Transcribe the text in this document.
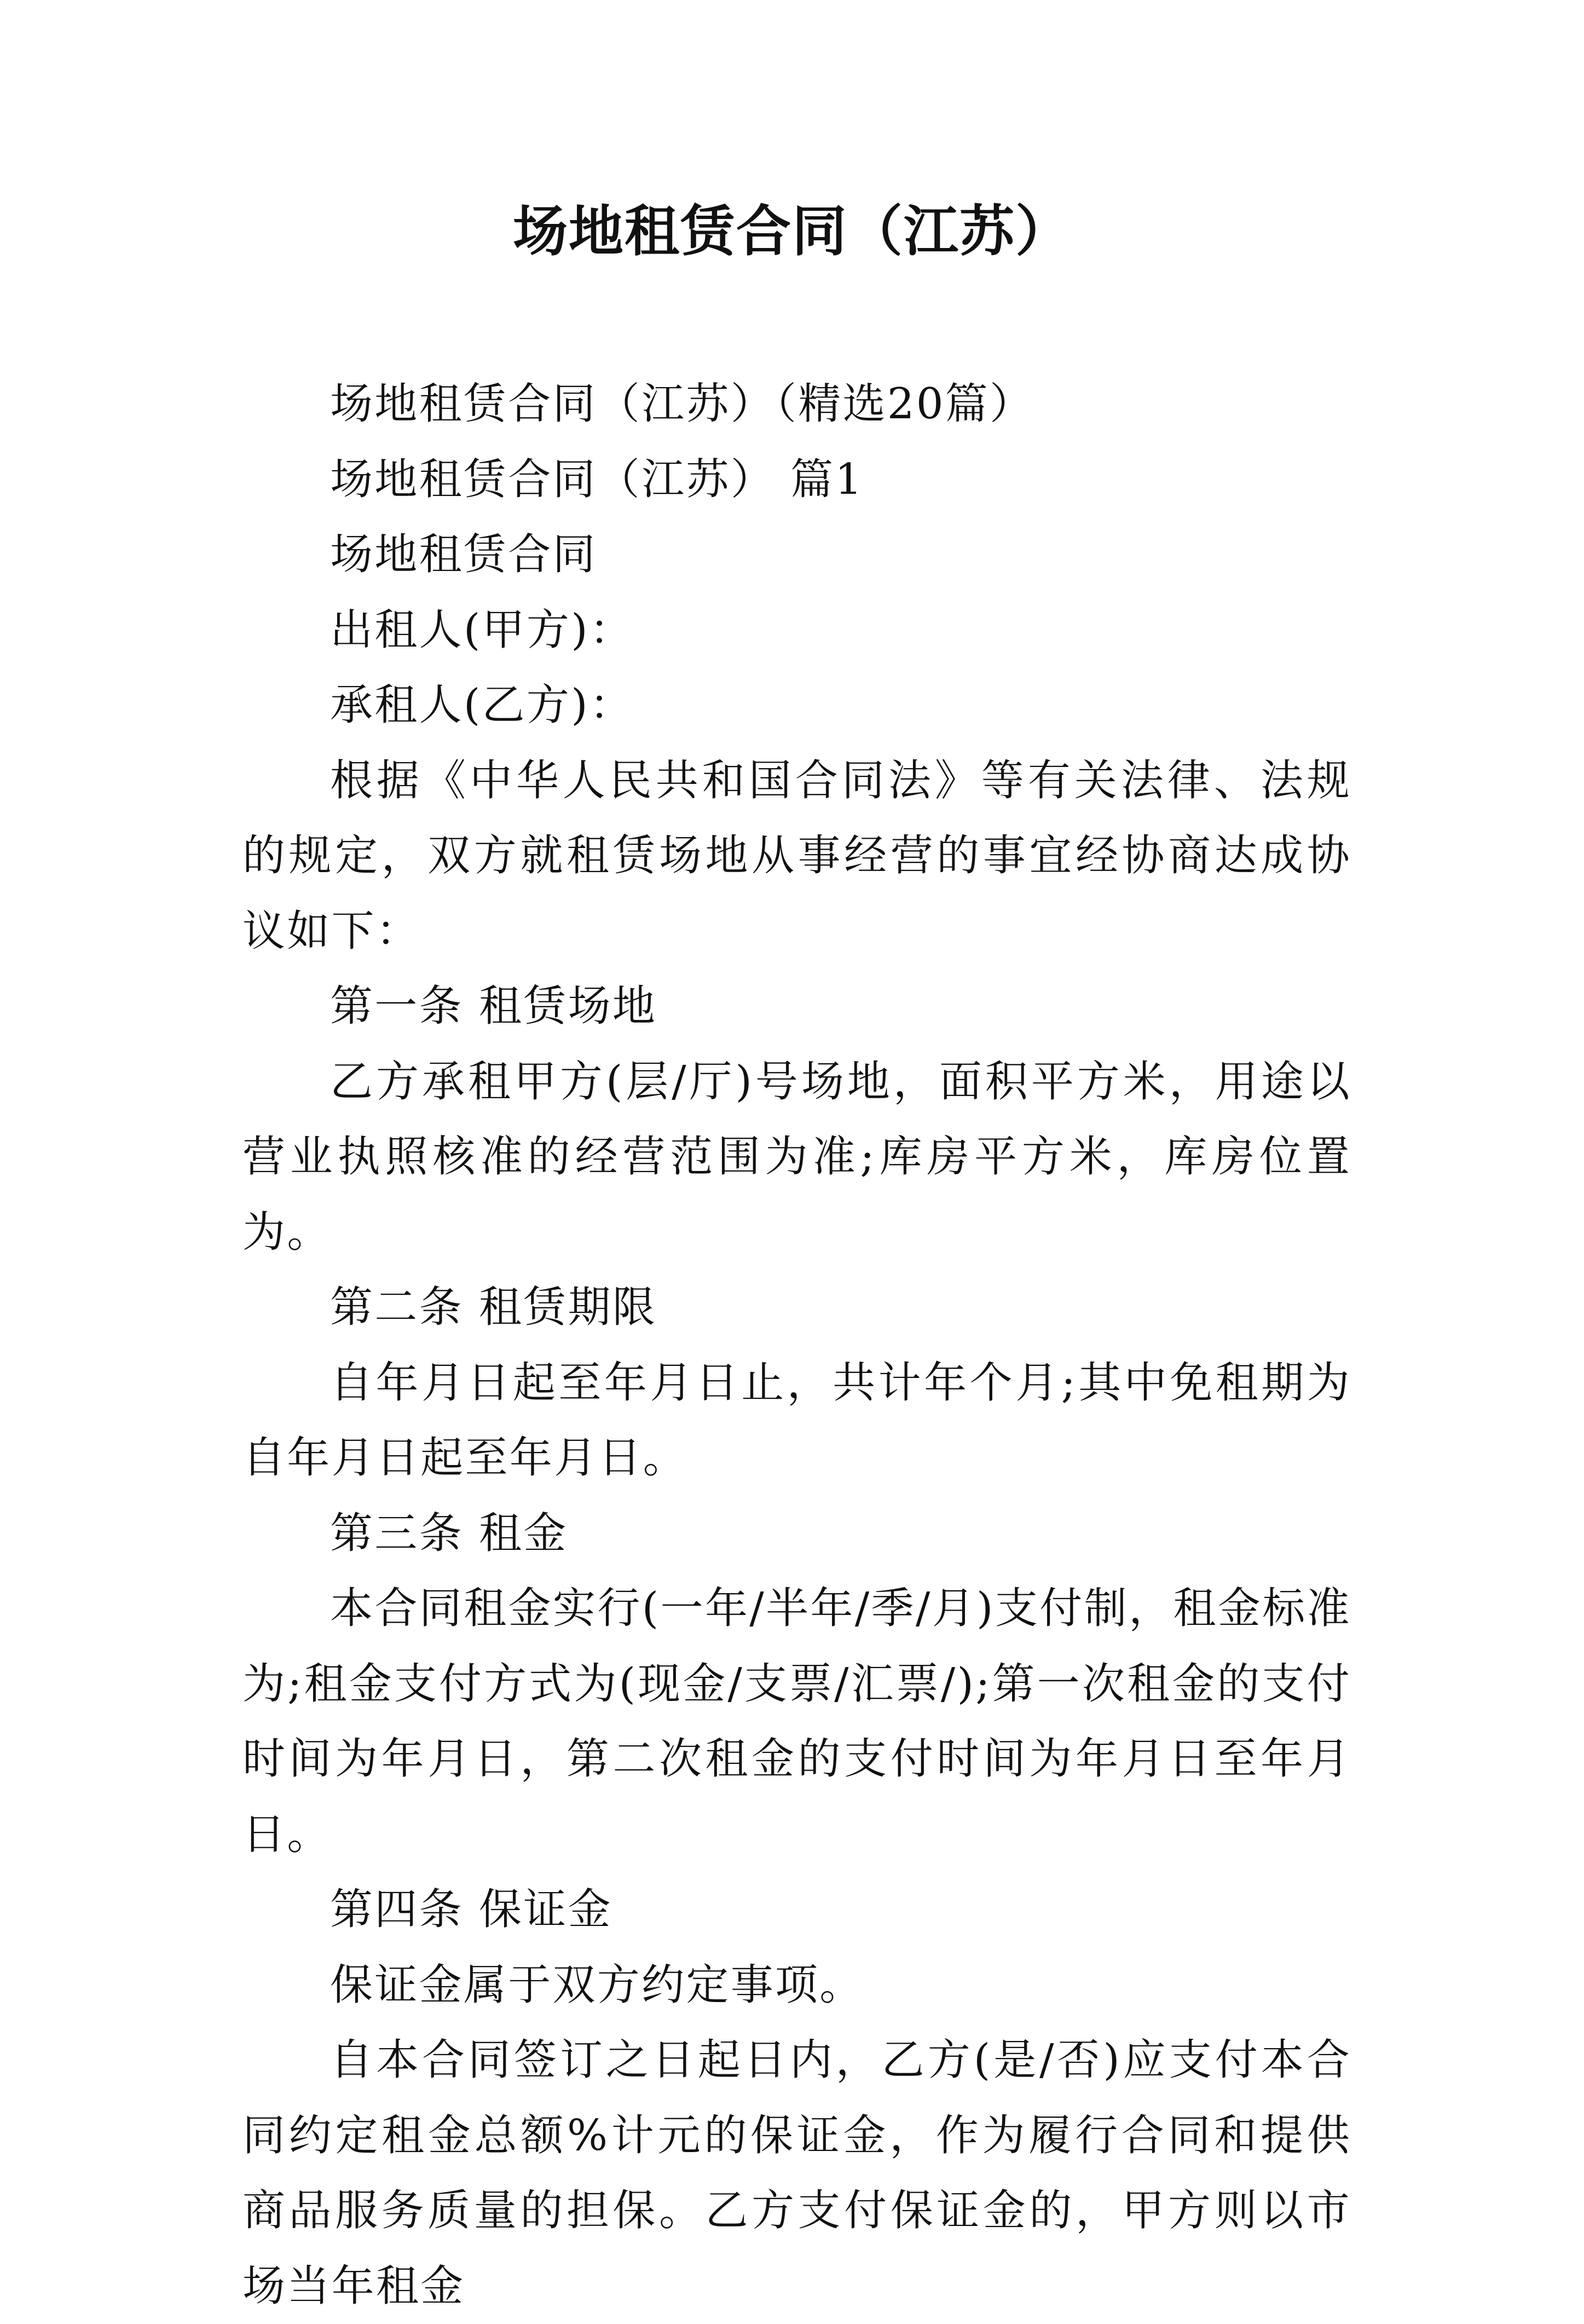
场地租赁合同（江苏）

场地租赁合同（江苏）（精选20篇）

场地租赁合同（江苏） 篇1

场地租赁合同

出租人(甲方)：

承租人(乙方)：

根据《中华人民共和国合同法》等有关法律、法规的规定，双方就租赁场地从事经营的事宜经协商达成协议如下：

第一条 租赁场地

乙方承租甲方(层/厅)号场地，面积平方米，用途以营业执照核准的经营范围为准;库房平方米，库房位置为。

第二条 租赁期限

自年月日起至年月日止，共计年个月;其中免租期为自年月日起至年月日。

第三条 租金

本合同租金实行(一年/半年/季/月)支付制，租金标准为;租金支付方式为(现金/支票/汇票/);第一次租金的支付时间为年月日，第二次租金的支付时间为年月日至年月日。

第四条 保证金

保证金属于双方约定事项。

自本合同签订之日起日内，乙方(是/否)应支付本合同约定租金总额%计元的保证金，作为履行合同和提供商品服务质量的担保。乙方支付保证金的，甲方则以市场当年租金
